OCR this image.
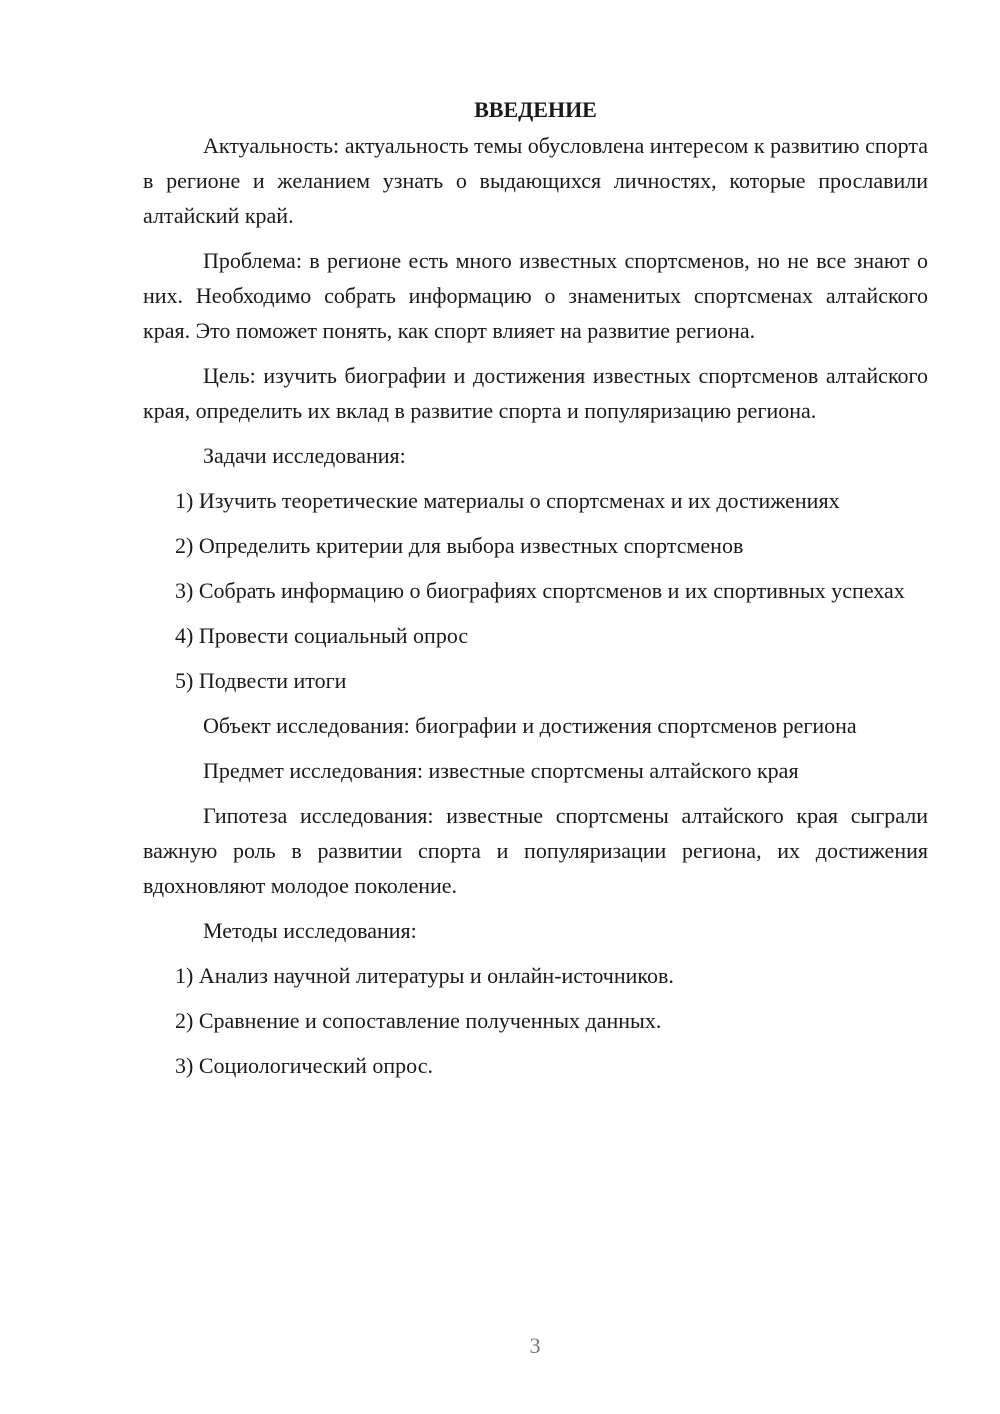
ВВЕДЕНИЕ

Актуальность: актуальность темы обусловлена интересом к развитию спорта в регионе и желанием узнать о выдающихся личностях, которые прославили алтайский край.

Проблема: в регионе есть много известных спортсменов, но не все знают о них. Необходимо собрать информацию о знаменитых спортсменах алтайского края. Это поможет понять, как спорт влияет на развитие региона.

Цель: изучить биографии и достижения известных спортсменов алтайского края, определить их вклад в развитие спорта и популяризацию региона.

Задачи исследования:

1) Изучить теоретические материалы о спортсменах и их достижениях

2) Определить критерии для выбора известных спортсменов

3) Собрать информацию о биографиях спортсменов и их спортивных успехах

4) Провести социальный опрос

5) Подвести итоги

Объект исследования: биографии и достижения спортсменов региона

Предмет исследования: известные спортсмены алтайского края

Гипотеза исследования: известные спортсмены алтайского края сыграли важную роль в развитии спорта и популяризации региона, их достижения вдохновляют молодое поколение.

Методы исследования:

1) Анализ научной литературы и онлайн-источников.

2) Сравнение и сопоставление полученных данных.

3) Социологический опрос.

3
